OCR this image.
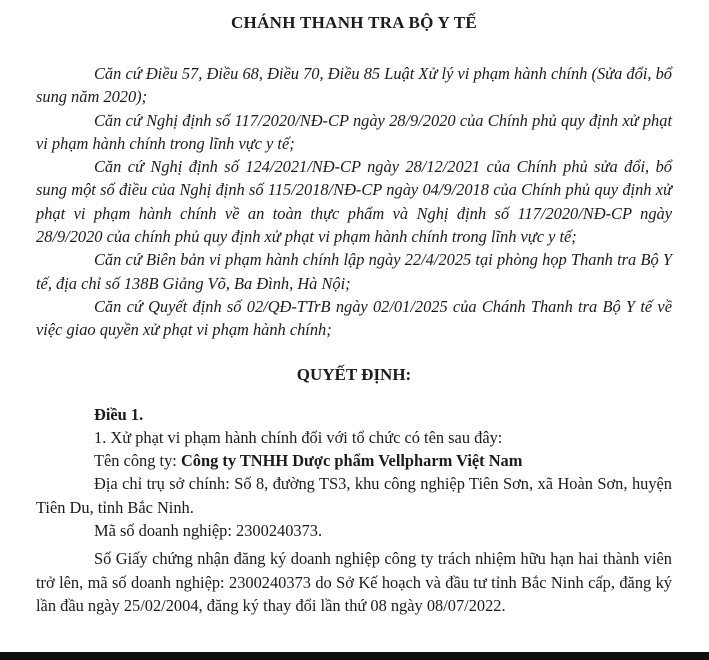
CHÁNH THANH TRA BỘ Y TẾ

Căn cứ Điều 57, Điều 68, Điều 70, Điều 85 Luật Xử lý vi phạm hành chính (Sửa đổi, bổ sung năm 2020);

Căn cứ Nghị định số 117/2020/NĐ-CP ngày 28/9/2020 của Chính phủ quy định xử phạt vi phạm hành chính trong lĩnh vực y tế;

Căn cứ Nghị định số 124/2021/NĐ-CP ngày 28/12/2021 của Chính phủ sửa đổi, bổ sung một số điều của Nghị định số 115/2018/NĐ-CP ngày 04/9/2018 của Chính phủ quy định xử phạt vi phạm hành chính về an toàn thực phẩm và Nghị định số 117/2020/NĐ-CP ngày 28/9/2020 của chính phủ quy định xử phạt vi phạm hành chính trong lĩnh vực y tế;

Căn cứ Biên bản vi phạm hành chính lập ngày 22/4/2025 tại phòng họp Thanh tra Bộ Y tế, địa chỉ số 138B Giảng Võ, Ba Đình, Hà Nội;

Căn cứ Quyết định số 02/QĐ-TTrB ngày 02/01/2025 của Chánh Thanh tra Bộ Y tế về việc giao quyền xử phạt vi phạm hành chính;

QUYẾT ĐỊNH:

Điều 1.

1. Xử phạt vi phạm hành chính đối với tổ chức có tên sau đây:

Tên công ty: Công ty TNHH Dược phẩm Vellpharm Việt Nam

Địa chỉ trụ sở chính: Số 8, đường TS3, khu công nghiệp Tiên Sơn, xã Hoàn Sơn, huyện Tiên Du, tỉnh Bắc Ninh.

Mã số doanh nghiệp: 2300240373.

Số Giấy chứng nhận đăng ký doanh nghiệp công ty trách nhiệm hữu hạn hai thành viên trở lên, mã số doanh nghiệp: 2300240373 do Sở Kế hoạch và đầu tư tỉnh Bắc Ninh cấp, đăng ký lần đầu ngày 25/02/2004, đăng ký thay đổi lần thứ 08 ngày 08/07/2022.
